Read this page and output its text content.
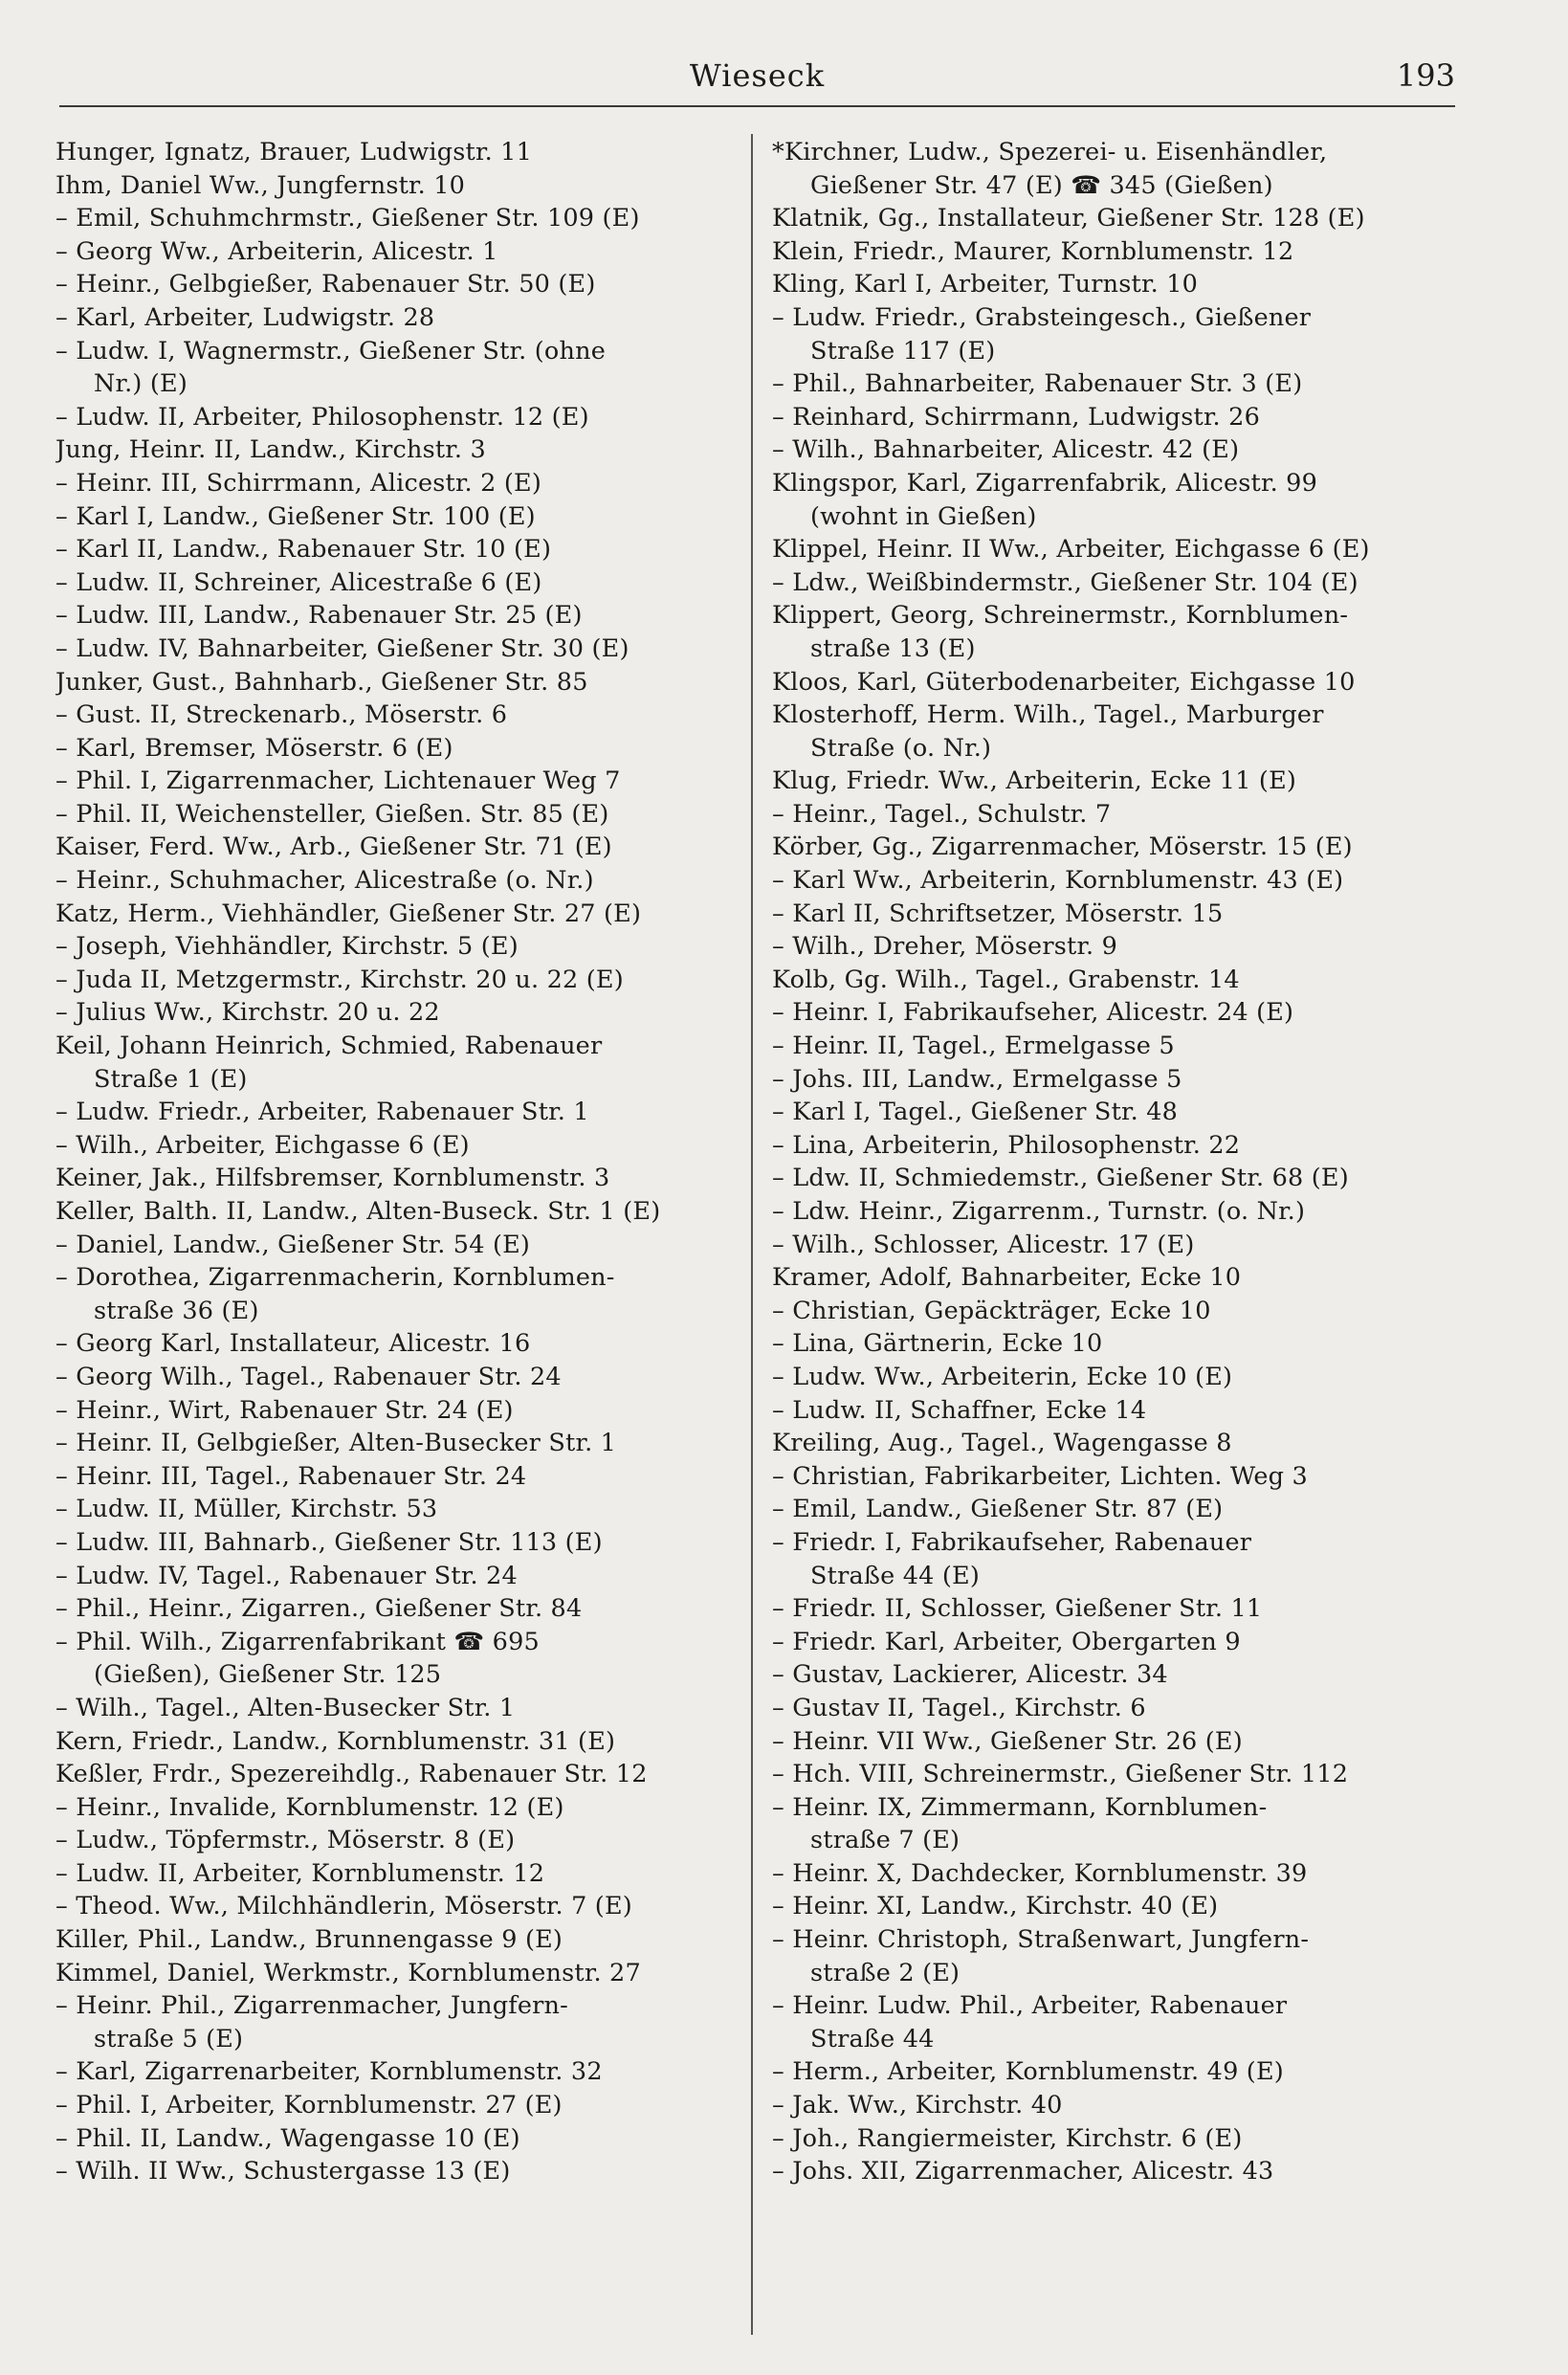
Wieseck	193
Hunger, Ignatz, Brauer, Ludwigstr. 11
Ihm, Daniel Ww., Jungfernstr. 10
– Emil, Schuhmchrmstr., Gießener Str. 109 (E)
– Georg Ww., Arbeiterin, Alicestr. 1
– Heinr., Gelbgießer, Rabenauer Str. 50 (E)
– Karl, Arbeiter, Ludwigstr. 28
– Ludw. I, Wagnermstr., Gießener Str. (ohne
Nr.) (E)
– Ludw. II, Arbeiter, Philosophenstr. 12 (E)
Jung, Heinr. II, Landw., Kirchstr. 3
– Heinr. III, Schirrmann, Alicestr. 2 (E)
– Karl I, Landw., Gießener Str. 100 (E)
– Karl II, Landw., Rabenauer Str. 10 (E)
– Ludw. II, Schreiner, Alicestraße 6 (E)
– Ludw. III, Landw., Rabenauer Str. 25 (E)
– Ludw. IV, Bahnarbeiter, Gießener Str. 30 (E)
Junker, Gust., Bahnharb., Gießener Str. 85
– Gust. II, Streckenarb., Möserstr. 6
– Karl, Bremser, Möserstr. 6 (E)
– Phil. I, Zigarrenmacher, Lichtenauer Weg 7
– Phil. II, Weichensteller, Gießen. Str. 85 (E)
Kaiser, Ferd. Ww., Arb., Gießener Str. 71 (E)
– Heinr., Schuhmacher, Alicestraße (o. Nr.)
Katz, Herm., Viehhändler, Gießener Str. 27 (E)
– Joseph, Viehhändler, Kirchstr. 5 (E)
– Juda II, Metzgermstr., Kirchstr. 20 u. 22 (E)
– Julius Ww., Kirchstr. 20 u. 22
Keil, Johann Heinrich, Schmied, Rabenauer
Straße 1 (E)
– Ludw. Friedr., Arbeiter, Rabenauer Str. 1
– Wilh., Arbeiter, Eichgasse 6 (E)
Keiner, Jak., Hilfsbremser, Kornblumenstr. 3
Keller, Balth. II, Landw., Alten-Buseck. Str. 1 (E)
– Daniel, Landw., Gießener Str. 54 (E)
– Dorothea, Zigarrenmacherin, Kornblumen-
straße 36 (E)
– Georg Karl, Installateur, Alicestr. 16
– Georg Wilh., Tagel., Rabenauer Str. 24
– Heinr., Wirt, Rabenauer Str. 24 (E)
– Heinr. II, Gelbgießer, Alten-Busecker Str. 1
– Heinr. III, Tagel., Rabenauer Str. 24
– Ludw. II, Müller, Kirchstr. 53
– Ludw. III, Bahnarb., Gießener Str. 113 (E)
– Ludw. IV, Tagel., Rabenauer Str. 24
– Phil., Heinr., Zigarren., Gießener Str. 84
– Phil. Wilh., Zigarrenfabrikant ☎ 695
(Gießen), Gießener Str. 125
– Wilh., Tagel., Alten-Busecker Str. 1
Kern, Friedr., Landw., Kornblumenstr. 31 (E)
Keßler, Frdr., Spezereihdlg., Rabenauer Str. 12
– Heinr., Invalide, Kornblumenstr. 12 (E)
– Ludw., Töpfermstr., Möserstr. 8 (E)
– Ludw. II, Arbeiter, Kornblumenstr. 12
– Theod. Ww., Milchhändlerin, Möserstr. 7 (E)
Killer, Phil., Landw., Brunnengasse 9 (E)
Kimmel, Daniel, Werkmstr., Kornblumenstr. 27
– Heinr. Phil., Zigarrenmacher, Jungfern-
straße 5 (E)
– Karl, Zigarrenarbeiter, Kornblumenstr. 32
– Phil. I, Arbeiter, Kornblumenstr. 27 (E)
– Phil. II, Landw., Wagengasse 10 (E)
– Wilh. II Ww., Schustergasse 13 (E)
*Kirchner, Ludw., Spezerei- u. Eisenhändler,
Gießener Str. 47 (E) ☎ 345 (Gießen)
Klatnik, Gg., Installateur, Gießener Str. 128 (E)
Klein, Friedr., Maurer, Kornblumenstr. 12
Kling, Karl I, Arbeiter, Turnstr. 10
– Ludw. Friedr., Grabsteingesch., Gießener
Straße 117 (E)
– Phil., Bahnarbeiter, Rabenauer Str. 3 (E)
– Reinhard, Schirrmann, Ludwigstr. 26
– Wilh., Bahnarbeiter, Alicestr. 42 (E)
Klingspor, Karl, Zigarrenfabrik, Alicestr. 99
(wohnt in Gießen)
Klippel, Heinr. II Ww., Arbeiter, Eichgasse 6 (E)
– Ldw., Weißbindermstr., Gießener Str. 104 (E)
Klippert, Georg, Schreinermstr., Kornblumen-
straße 13 (E)
Kloos, Karl, Güterbodenarbeiter, Eichgasse 10
Klosterhoff, Herm. Wilh., Tagel., Marburger
Straße (o. Nr.)
Klug, Friedr. Ww., Arbeiterin, Ecke 11 (E)
– Heinr., Tagel., Schulstr. 7
Körber, Gg., Zigarrenmacher, Möserstr. 15 (E)
– Karl Ww., Arbeiterin, Kornblumenstr. 43 (E)
– Karl II, Schriftsetzer, Möserstr. 15
– Wilh., Dreher, Möserstr. 9
Kolb, Gg. Wilh., Tagel., Grabenstr. 14
– Heinr. I, Fabrikaufseher, Alicestr. 24 (E)
– Heinr. II, Tagel., Ermelgasse 5
– Johs. III, Landw., Ermelgasse 5
– Karl I, Tagel., Gießener Str. 48
– Lina, Arbeiterin, Philosophenstr. 22
– Ldw. II, Schmiedemstr., Gießener Str. 68 (E)
– Ldw. Heinr., Zigarrenm., Turnstr. (o. Nr.)
– Wilh., Schlosser, Alicestr. 17 (E)
Kramer, Adolf, Bahnarbeiter, Ecke 10
– Christian, Gepäckträger, Ecke 10
– Lina, Gärtnerin, Ecke 10
– Ludw. Ww., Arbeiterin, Ecke 10 (E)
– Ludw. II, Schaffner, Ecke 14
Kreiling, Aug., Tagel., Wagengasse 8
– Christian, Fabrikarbeiter, Lichten. Weg 3
– Emil, Landw., Gießener Str. 87 (E)
– Friedr. I, Fabrikaufseher, Rabenauer
Straße 44 (E)
– Friedr. II, Schlosser, Gießener Str. 11
– Friedr. Karl, Arbeiter, Obergarten 9
– Gustav, Lackierer, Alicestr. 34
– Gustav II, Tagel., Kirchstr. 6
– Heinr. VII Ww., Gießener Str. 26 (E)
– Hch. VIII, Schreinermstr., Gießener Str. 112
– Heinr. IX, Zimmermann, Kornblumen-
straße 7 (E)
– Heinr. X, Dachdecker, Kornblumenstr. 39
– Heinr. XI, Landw., Kirchstr. 40 (E)
– Heinr. Christoph, Straßenwart, Jungfern-
straße 2 (E)
– Heinr. Ludw. Phil., Arbeiter, Rabenauer
Straße 44
– Herm., Arbeiter, Kornblumenstr. 49 (E)
– Jak. Ww., Kirchstr. 40
– Joh., Rangiermeister, Kirchstr. 6 (E)
– Johs. XII, Zigarrenmacher, Alicestr. 43
